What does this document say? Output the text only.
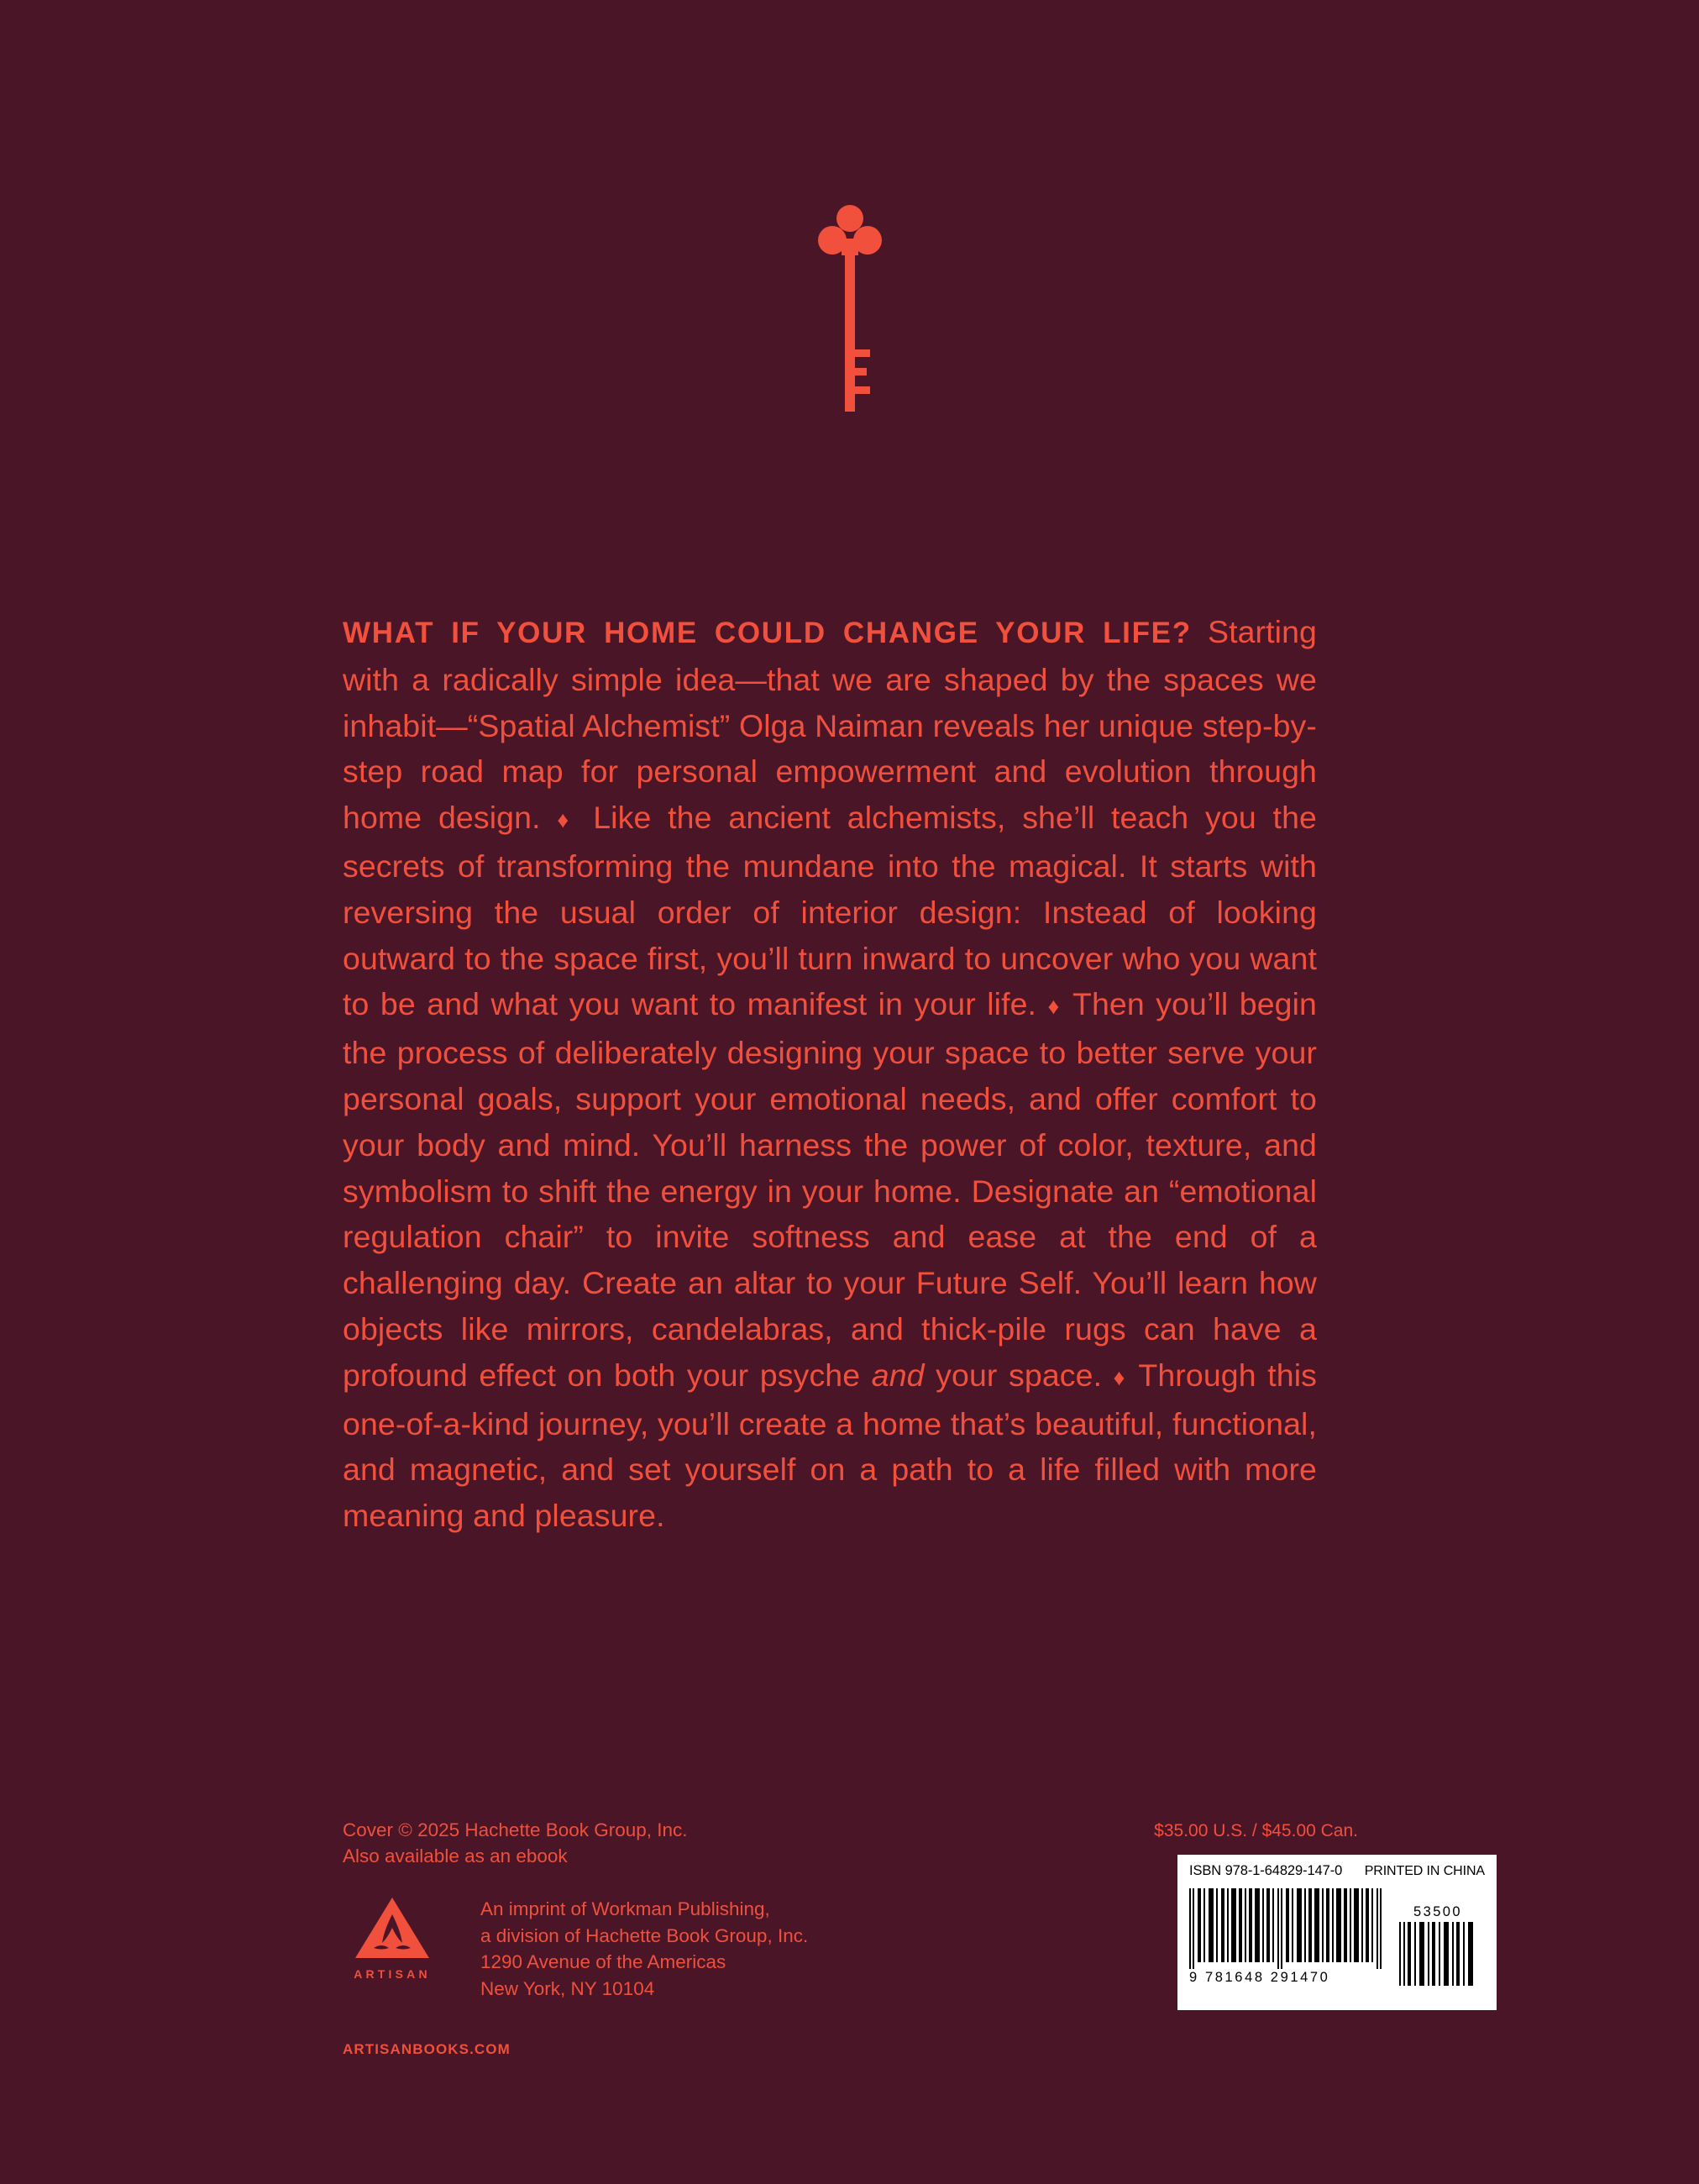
WHAT IF YOUR HOME COULD CHANGE YOUR LIFE? Starting with a radically simple idea—that we are shaped by the spaces we inhabit—“Spatial Alchemist” Olga Naiman reveals her unique step-by-step road map for personal empowerment and evolution through home design. ♦ Like the ancient alchemists, she’ll teach you the secrets of transforming the mundane into the magical. It starts with reversing the usual order of interior design: Instead of looking outward to the space first, you’ll turn inward to uncover who you want to be and what you want to manifest in your life. ♦ Then you’ll begin the process of deliberately designing your space to better serve your personal goals, support your emotional needs, and offer comfort to your body and mind. You’ll harness the power of color, texture, and symbolism to shift the energy in your home. Designate an “emotional regulation chair” to invite softness and ease at the end of a challenging day. Create an altar to your Future Self. You’ll learn how objects like mirrors, candelabras, and thick-pile rugs can have a profound effect on both your psyche and your space. ♦ Through this one-of-a-kind journey, you’ll create a home that’s beautiful, functional, and magnetic, and set yourself on a path to a life filled with more meaning and pleasure.
Cover © 2025 Hachette Book Group, Inc.
Also available as an ebook
ARTISAN
An imprint of Workman Publishing,
a division of Hachette Book Group, Inc.
1290 Avenue of the Americas
New York, NY 10104
ARTISANBOOKS.COM
$35.00 U.S. / $45.00 Can.
ISBN 978-1-64829-147-0 PRINTED IN CHINA
9 781648 291470
53500
